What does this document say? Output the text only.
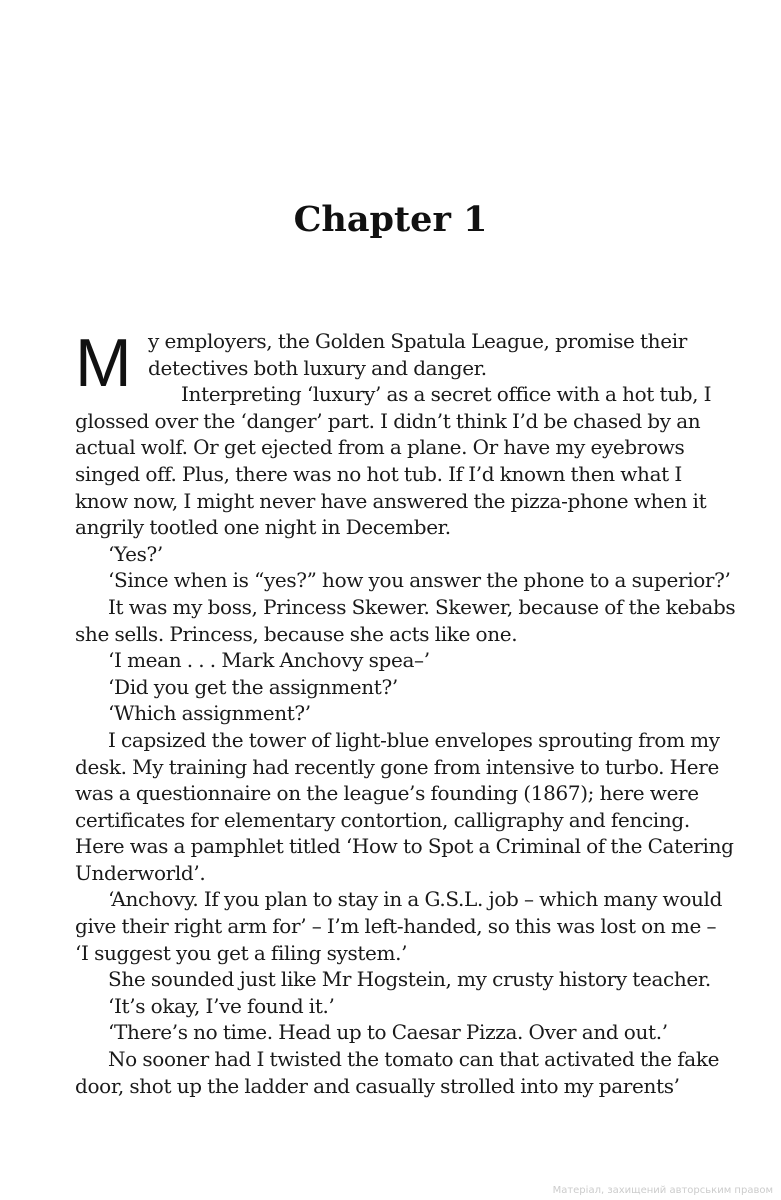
Chapter 1
M y employers, the Golden Spatula League, promise their
detectives both luxury and danger.
Interpreting ‘luxury’ as a secret office with a hot tub, I
glossed over the ‘danger’ part. I didn’t think I’d be chased by an
actual wolf. Or get ejected from a plane. Or have my eyebrows
singed off. Plus, there was no hot tub. If I’d known then what I
know now, I might never have answered the pizza-phone when it
angrily tootled one night in December.
‘Yes?’
‘Since when is “yes?” how you answer the phone to a superior?’
It was my boss, Princess Skewer. Skewer, because of the kebabs
she sells. Princess, because she acts like one.
‘I mean . . . Mark Anchovy spea–’
‘Did you get the assignment?’
‘Which assignment?’
I capsized the tower of light-blue envelopes sprouting from my
desk. My training had recently gone from intensive to turbo. Here
was a questionnaire on the league’s founding (1867); here were
certificates for elementary contortion, calligraphy and fencing.
Here was a pamphlet titled ‘How to Spot a Criminal of the Catering
Underworld’.
‘Anchovy. If you plan to stay in a G.S.L. job – which many would
give their right arm for’ – I’m left-handed, so this was lost on me –
‘I suggest you get a filing system.’
She sounded just like Mr Hogstein, my crusty history teacher.
‘It’s okay, I’ve found it.’
‘There’s no time. Head up to Caesar Pizza. Over and out.’
No sooner had I twisted the tomato can that activated the fake
door, shot up the ladder and casually strolled into my parents’
Матеріал, захищений авторським правом
